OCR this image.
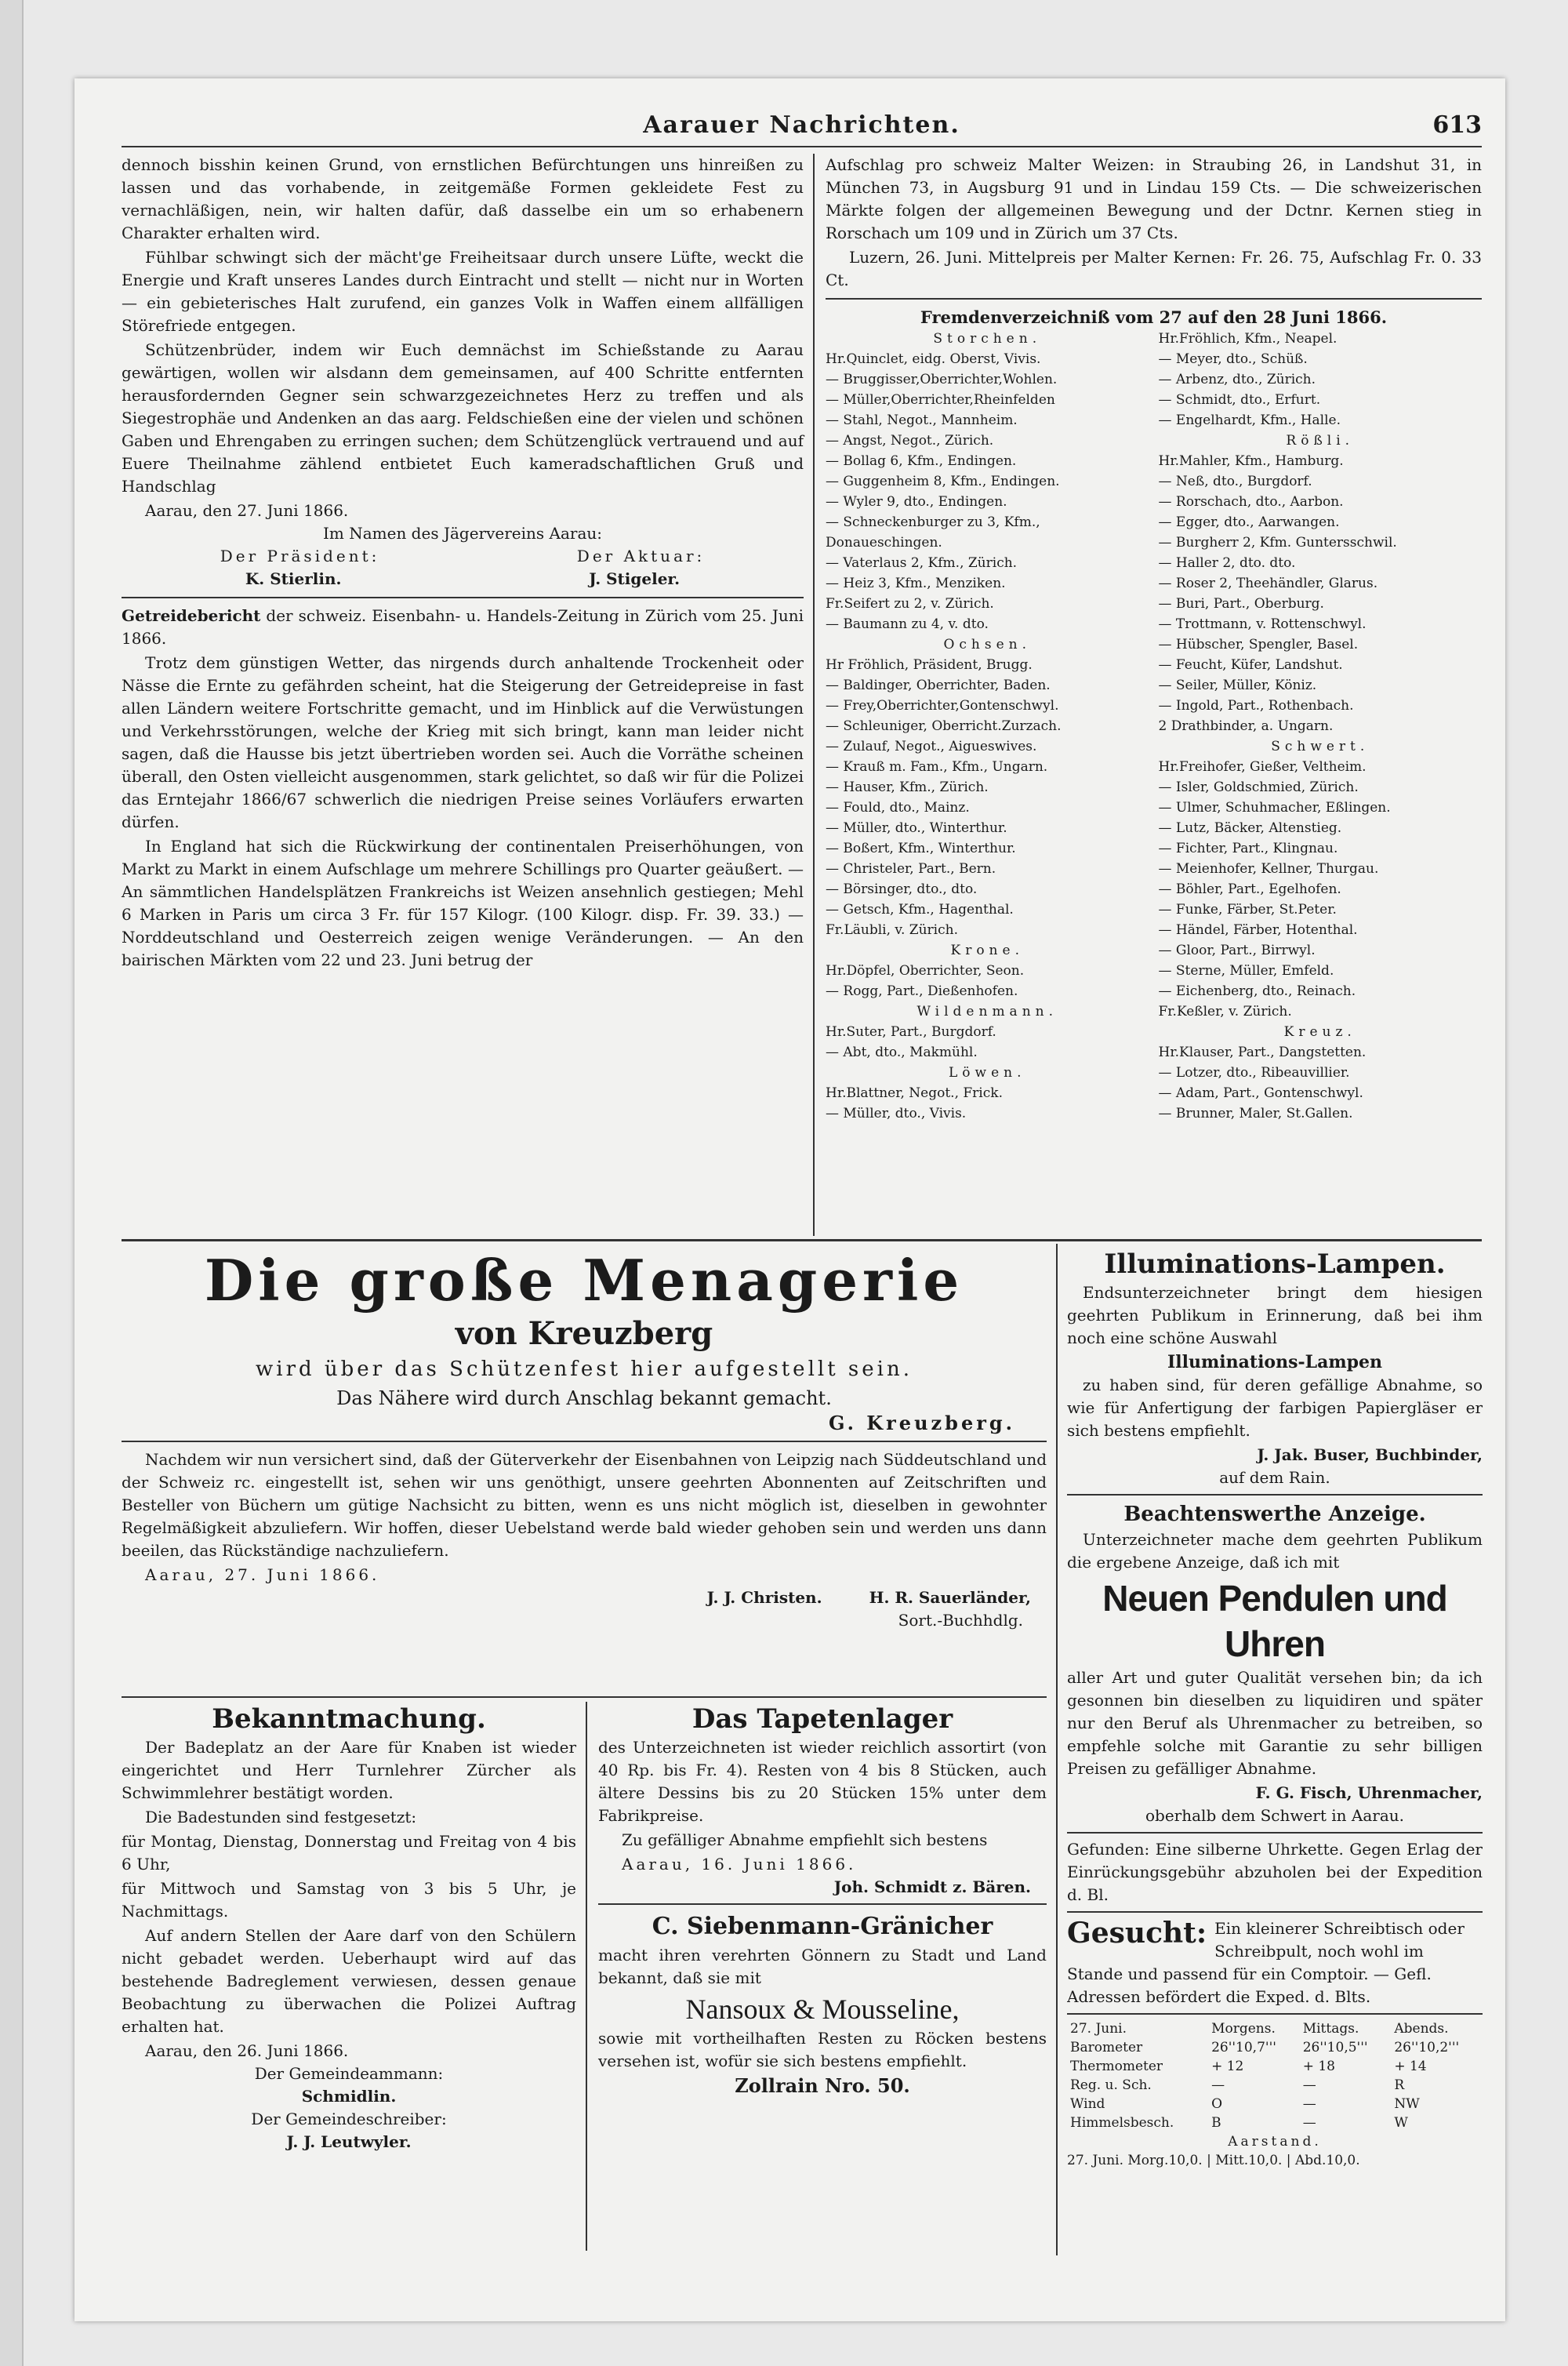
Aarauer Nachrichten.	613

dennoch bisshin keinen Grund, von ernstlichen Befürchtungen uns hinreißen zu lassen und das vorhabende, in zeitgemäße Formen gekleidete Fest zu vernachläßigen, nein, wir halten dafür, daß dasselbe ein um so erhabenern Charakter erhalten wird.

Fühlbar schwingt sich der mächt'ge Freiheitsaar durch unsere Lüfte, weckt die Energie und Kraft unseres Landes durch Eintracht und stellt — nicht nur in Worten — ein gebieterisches Halt zurufend, ein ganzes Volk in Waffen einem allfälligen Störefriede entgegen.

Schützenbrüder, indem wir Euch demnächst im Schießstande zu Aarau gewärtigen, wollen wir alsdann dem gemeinsamen, auf 400 Schritte entfernten herausfordernden Gegner sein schwarzgezeichnetes Herz zu treffen und als Siegestrophäe und Andenken an das aarg. Feldschießen eine der vielen und schönen Gaben und Ehrengaben zu erringen suchen; dem Schützenglück vertrauend und auf Euere Theilnahme zählend entbietet Euch kameradschaftlichen Gruß und Handschlag

Aarau, den 27. Juni 1866.
Im Namen des Jägervereins Aarau:
Der Präsident:	Der Aktuar:
K. Stierlin.	J. Stigeler.

Getreidebericht der schweiz. Eisenbahn- u. Handels-Zeitung in Zürich vom 25. Juni 1866.

Trotz dem günstigen Wetter, das nirgends durch anhaltende Trockenheit oder Nässe die Ernte zu gefährden scheint, hat die Steigerung der Getreidepreise in fast allen Ländern weitere Fortschritte gemacht, und im Hinblick auf die Verwüstungen und Verkehrsstörungen, welche der Krieg mit sich bringt, kann man leider nicht sagen, daß die Hausse bis jetzt übertrieben worden sei. Auch die Vorräthe scheinen überall, den Osten vielleicht ausgenommen, stark gelichtet, so daß wir für die Polizei das Erntejahr 1866/67 schwerlich die niedrigen Preise seines Vorläufers erwarten dürfen.

In England hat sich die Rückwirkung der continentalen Preiserhöhungen, von Markt zu Markt in einem Aufschlage um mehrere Schillings pro Quarter geäußert. — An sämmtlichen Handelsplätzen Frankreichs ist Weizen ansehnlich gestiegen; Mehl 6 Marken in Paris um circa 3 Fr. für 157 Kilogr. (100 Kilogr. disp. Fr. 39. 33.) — Norddeutschland und Oesterreich zeigen wenige Veränderungen. — An den bairischen Märkten vom 22 und 23. Juni betrug der

Aufschlag pro schweiz Malter Weizen: in Straubing 26, in Landshut 31, in München 73, in Augsburg 91 und in Lindau 159 Cts. — Die schweizerischen Märkte folgen der allgemeinen Bewegung und der Dctnr. Kernen stieg in Rorschach um 109 und in Zürich um 37 Cts.

Luzern, 26. Juni. Mittelpreis per Malter Kernen: Fr. 26. 75, Aufschlag Fr. 0. 33 Ct.

Fremdenverzeichniß vom 27 auf den 28 Juni 1866.
Storchen.
Hr.Quinclet, eidg. Oberst, Vivis.
— Bruggisser,Oberrichter,Wohlen.
— Müller,Oberrichter,Rheinfelden
— Stahl, Negot., Mannheim.
— Angst, Negot., Zürich.
— Bollag 6, Kfm., Endingen.
— Guggenheim 8, Kfm., Endingen.
— Wyler 9, dto., Endingen.
— Schneckenburger zu 3, Kfm.,
Donaueschingen.
— Vaterlaus 2, Kfm., Zürich.
— Heiz 3, Kfm., Menziken.
Fr.Seifert zu 2, v. Zürich.
— Baumann zu 4, v. dto.
Ochsen.
Hr Fröhlich, Präsident, Brugg.
— Baldinger, Oberrichter, Baden.
— Frey,Oberrichter,Gontenschwyl.
— Schleuniger, Oberricht.Zurzach.
— Zulauf, Negot., Aigueswives.
— Krauß m. Fam., Kfm., Ungarn.
— Hauser, Kfm., Zürich.
— Fould, dto., Mainz.
— Müller, dto., Winterthur.
— Boßert, Kfm., Winterthur.
— Christeler, Part., Bern.
— Börsinger, dto., dto.
— Getsch, Kfm., Hagenthal.
Fr.Läubli, v. Zürich.
Krone.
Hr.Döpfel, Oberrichter, Seon.
— Rogg, Part., Dießenhofen.
Wildenmann.
Hr.Suter, Part., Burgdorf.
— Abt, dto., Makmühl.
Löwen.
Hr.Blattner, Negot., Frick.
— Müller, dto., Vivis.
Hr.Fröhlich, Kfm., Neapel.
— Meyer, dto., Schüß.
— Arbenz, dto., Zürich.
— Schmidt, dto., Erfurt.
— Engelhardt, Kfm., Halle.
Rößli.
Hr.Mahler, Kfm., Hamburg.
— Neß, dto., Burgdorf.
— Rorschach, dto., Aarbon.
— Egger, dto., Aarwangen.
— Burgherr 2, Kfm. Guntersschwil.
— Haller 2, dto. dto.
— Roser 2, Theehändler, Glarus.
— Buri, Part., Oberburg.
— Trottmann, v. Rottenschwyl.
— Hübscher, Spengler, Basel.
— Feucht, Küfer, Landshut.
— Seiler, Müller, Köniz.
— Ingold, Part., Rothenbach.
2 Drathbinder, a. Ungarn.
Schwert.
Hr.Freihofer, Gießer, Veltheim.
— Isler, Goldschmied, Zürich.
— Ulmer, Schuhmacher, Eßlingen.
— Lutz, Bäcker, Altenstieg.
— Fichter, Part., Klingnau.
— Meienhofer, Kellner, Thurgau.
— Böhler, Part., Egelhofen.
— Funke, Färber, St.Peter.
— Händel, Färber, Hotenthal.
— Gloor, Part., Birrwyl.
— Sterne, Müller, Emfeld.
— Eichenberg, dto., Reinach.
Fr.Keßler, v. Zürich.
Kreuz.
Hr.Klauser, Part., Dangstetten.
— Lotzer, dto., Ribeauvillier.
— Adam, Part., Gontenschwyl.
— Brunner, Maler, St.Gallen.
Die große Menagerie
von Kreuzberg
wird über das Schützenfest hier aufgestellt sein.
Das Nähere wird durch Anschlag bekannt gemacht.
G. Kreuzberg.

Nachdem wir nun versichert sind, daß der Güterverkehr der Eisenbahnen von Leipzig nach Süddeutschland und der Schweiz rc. eingestellt ist, sehen wir uns genöthigt, unsere geehrten Abonnenten auf Zeitschriften und Besteller von Büchern um gütige Nachsicht zu bitten, wenn es uns nicht möglich ist, dieselben in gewohnter Regelmäßigkeit abzuliefern. Wir hoffen, dieser Uebelstand werde bald wieder gehoben sein und werden uns dann beeilen, das Rückständige nachzuliefern.

Aarau, 27. Juni 1866.
J. J. Christen.	H. R. Sauerländer,
Sort.-Buchhdlg.
Bekanntmachung.

Der Badeplatz an der Aare für Knaben ist wieder eingerichtet und Herr Turnlehrer Zürcher als Schwimmlehrer bestätigt worden.

Die Badestunden sind festgesetzt:

für Montag, Dienstag, Donnerstag und Freitag von 4 bis 6 Uhr,

für Mittwoch und Samstag von 3 bis 5 Uhr, je Nachmittags.

Auf andern Stellen der Aare darf von den Schülern nicht gebadet werden. Ueberhaupt wird auf das bestehende Badreglement verwiesen, dessen genaue Beobachtung zu überwachen die Polizei Auftrag erhalten hat.

Aarau, den 26. Juni 1866.
Der Gemeindeammann:
Schmidlin.
Der Gemeindeschreiber:
J. J. Leutwyler.
Das Tapetenlager

des Unterzeichneten ist wieder reichlich assortirt (von 40 Rp. bis Fr. 4). Resten von 4 bis 8 Stücken, auch ältere Dessins bis zu 20 Stücken 15% unter dem Fabrikpreise.

Zu gefälliger Abnahme empfiehlt sich bestens

Aarau, 16. Juni 1866.
Joh. Schmidt z. Bären.
C. Siebenmann-Gränicher

macht ihren verehrten Gönnern zu Stadt und Land bekannt, daß sie mit

Nansoux & Mousseline,

sowie mit vortheilhaften Resten zu Röcken bestens versehen ist, wofür sie sich bestens empfiehlt.

Zollrain Nro. 50.
Illuminations-Lampen.

Endsunterzeichneter bringt dem hiesigen geehrten Publikum in Erinnerung, daß bei ihm noch eine schöne Auswahl

Illuminations-Lampen

zu haben sind, für deren gefällige Abnahme, so wie für Anfertigung der farbigen Papiergläser er sich bestens empfiehlt.

J. Jak. Buser, Buchbinder,
auf dem Rain.
Beachtenswerthe Anzeige.

Unterzeichneter mache dem geehrten Publikum die ergebene Anzeige, daß ich mit

Neuen Pendulen und Uhren

aller Art und guter Qualität versehen bin; da ich gesonnen bin dieselben zu liquidiren und später nur den Beruf als Uhrenmacher zu betreiben, so empfehle solche mit Garantie zu sehr billigen Preisen zu gefälliger Abnahme.

F. G. Fisch, Uhrenmacher,
oberhalb dem Schwert in Aarau.

Gefunden: Eine silberne Uhrkette. Gegen Erlag der Einrückungsgebühr abzuholen bei der Expedition d. Bl.

Gesucht: Ein kleinerer Schreibtisch oder Schreibpult, noch wohl im Stande und passend für ein Comptoir. — Gefl. Adressen befördert die Exped. d. Blts.
27. Juni.	Morgens.	Mittags.	Abends.
Barometer	26''10,7'''	26''10,5'''	26''10,2'''
Thermometer	+ 12	+ 18	+ 14
Reg. u. Sch.	—	—	R
Wind	O	—	NW
Himmelsbesch.	B	—	W
Aarstand.
27. Juni. Morg.10,0. | Mitt.10,0. | Abd.10,0.
